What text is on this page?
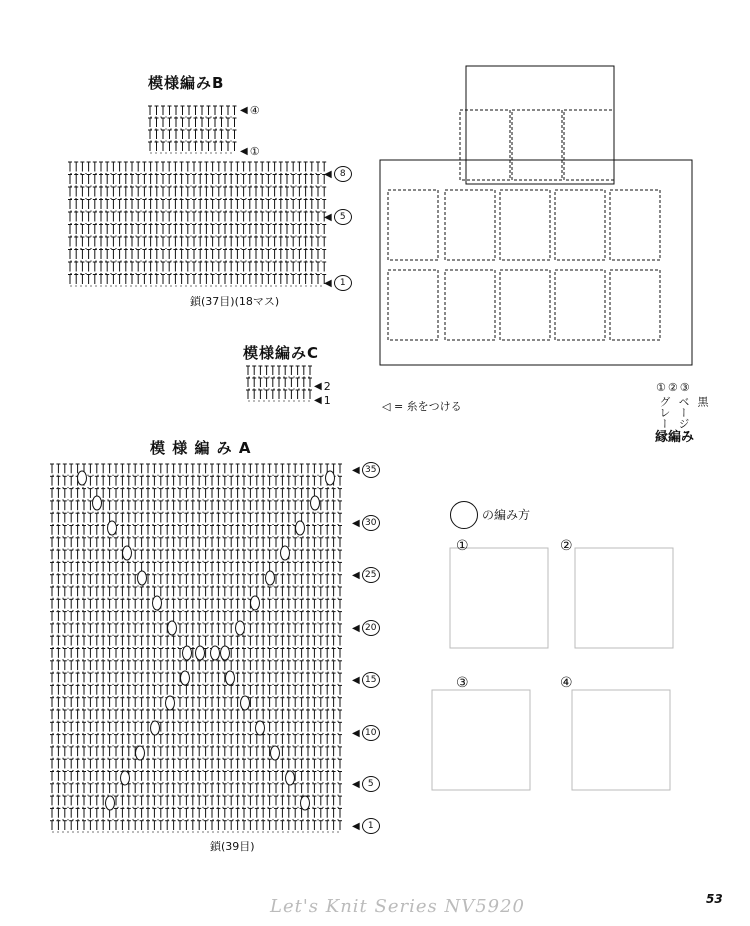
模様編みB
◀ ④
◀ ①
◀ 8
◀ 5
◀ 1
鎖(37目)(18マス)
模様編みC
◀ 2
◀ 1
模 様 編 み A
◀ 35
◀ 30
◀ 25
◀ 20
◀ 15
◀ 10
◀ 5
◀ 1
鎖(39目)
◁ = 糸をつける
① ② ③
グレー ベージュ 黒
縁編み
の編み方
①	②
③	④
Let's Knit Series NV5920	53
